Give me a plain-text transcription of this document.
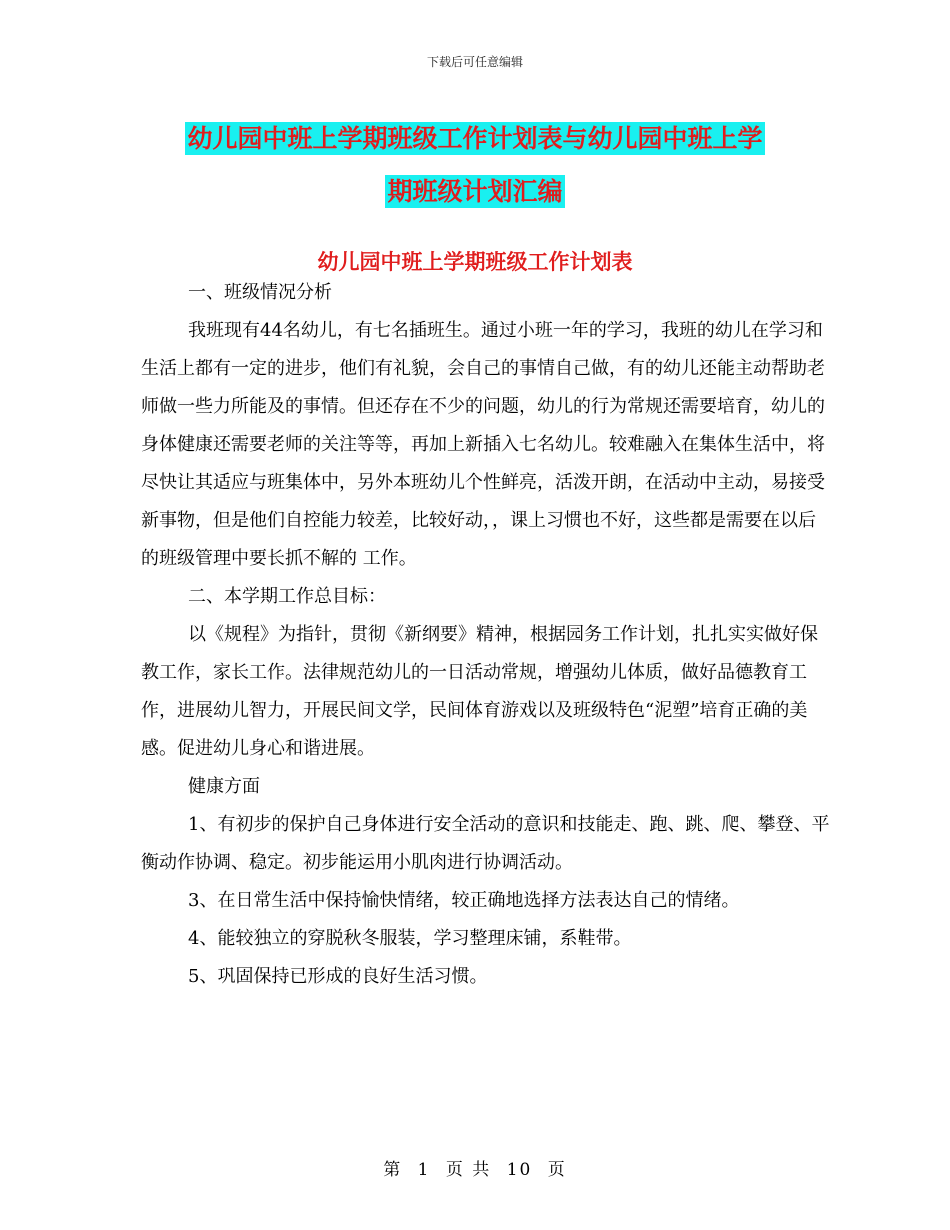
下载后可任意编辑
幼儿园中班上学期班级工作计划表与幼儿园中班上学
期班级计划汇编
幼儿园中班上学期班级工作计划表

一、班级情况分析

我班现有44名幼儿，有七名插班生。通过小班一年的学习，我班的幼儿在学习和生活上都有一定的进步，他们有礼貌，会自己的事情自己做，有的幼儿还能主动帮助老师做一些力所能及的事情。但还存在不少的问题，幼儿的行为常规还需要培育，幼儿的身体健康还需要老师的关注等等，再加上新插入七名幼儿。较难融入在集体生活中，将尽快让其适应与班集体中，另外本班幼儿个性鲜亮，活泼开朗，在活动中主动，易接受新事物，但是他们自控能力较差，比较好动，，课上习惯也不好，这些都是需要在以后的班级管理中要长抓不解的 工作。

二、本学期工作总目标：

以《规程》为指针，贯彻《新纲要》精神，根据园务工作计划，扎扎实实做好保教工作，家长工作。法律规范幼儿的一日活动常规，增强幼儿体质，做好品德教育工作，进展幼儿智力，开展民间文学，民间体育游戏以及班级特色“泥塑”培育正确的美感。促进幼儿身心和谐进展。

健康方面

1、有初步的保护自己身体进行安全活动的意识和技能走、跑、跳、爬、攀登、平衡动作协调、稳定。初步能运用小肌肉进行协调活动。

3、在日常生活中保持愉快情绪，较正确地选择方法表达自己的情绪。

4、能较独立的穿脱秋冬服装，学习整理床铺，系鞋带。

5、巩固保持已形成的良好生活习惯。

第 1 页 共 10 页
